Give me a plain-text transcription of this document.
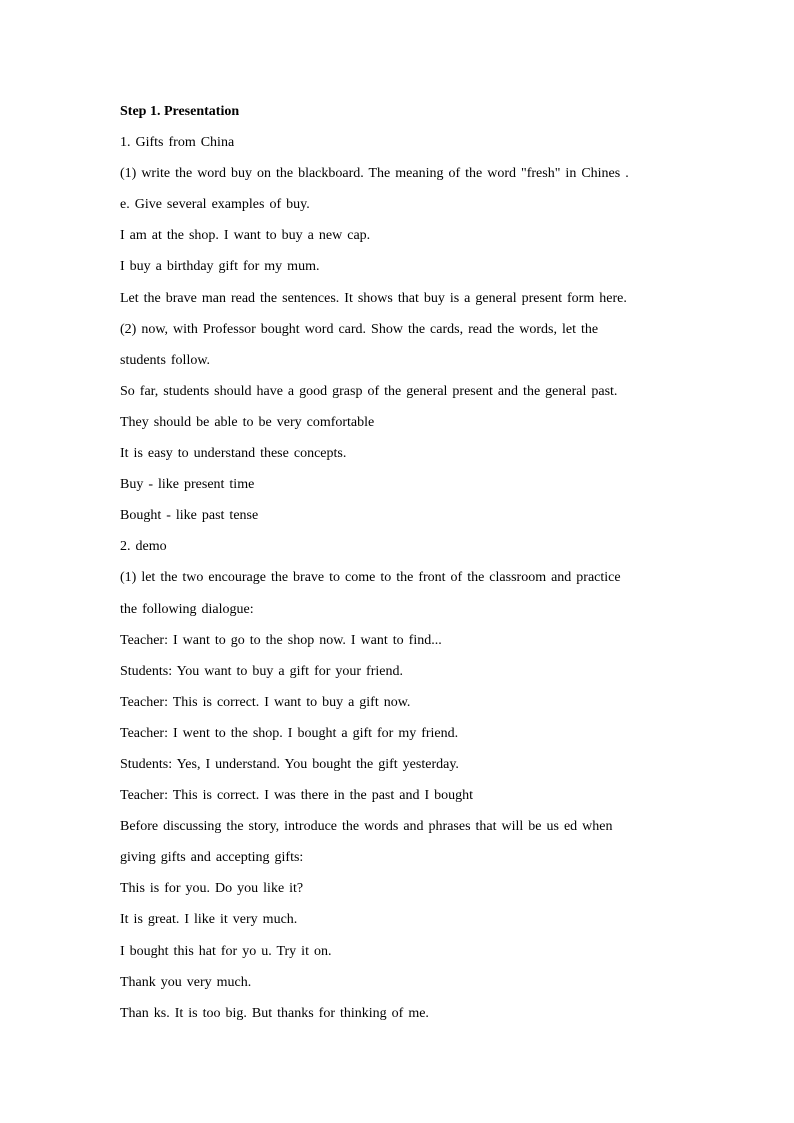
Step 1. Presentation
1. Gifts from China
(1) write the word buy on the blackboard. The meaning of the word "fresh" in Chines .
e. Give several examples of buy.
I am at the shop. I want to buy a new cap.
I buy a birthday gift for my mum.
Let the brave man read the sentences. It shows that buy is a general present form here.
(2) now, with Professor bought word card. Show the cards, read the words, let the
students follow.
So far, students should have a good grasp of the general present and the general past.
They should be able to be very comfortable
It is easy to understand these concepts.
Buy - like present time
Bought - like past tense
2. demo
(1) let the two encourage the brave to come to the front of the classroom and practice
the following dialogue:
Teacher: I want to go to the shop now. I want to find...
Students: You want to buy a gift for your friend.
Teacher: This is correct. I want to buy a gift now.
Teacher: I went to the shop. I bought a gift for my friend.
Students: Yes, I understand. You bought the gift yesterday.
Teacher: This is correct. I was there in the past and I bought
Before discussing the story, introduce the words and phrases that will be us ed when
giving gifts and accepting gifts:
This is for you. Do you like it?
It is great. I like it very much.
I bought this hat for yo u. Try it on.
Thank you very much.
Than ks. It is too big. But thanks for thinking of me.
